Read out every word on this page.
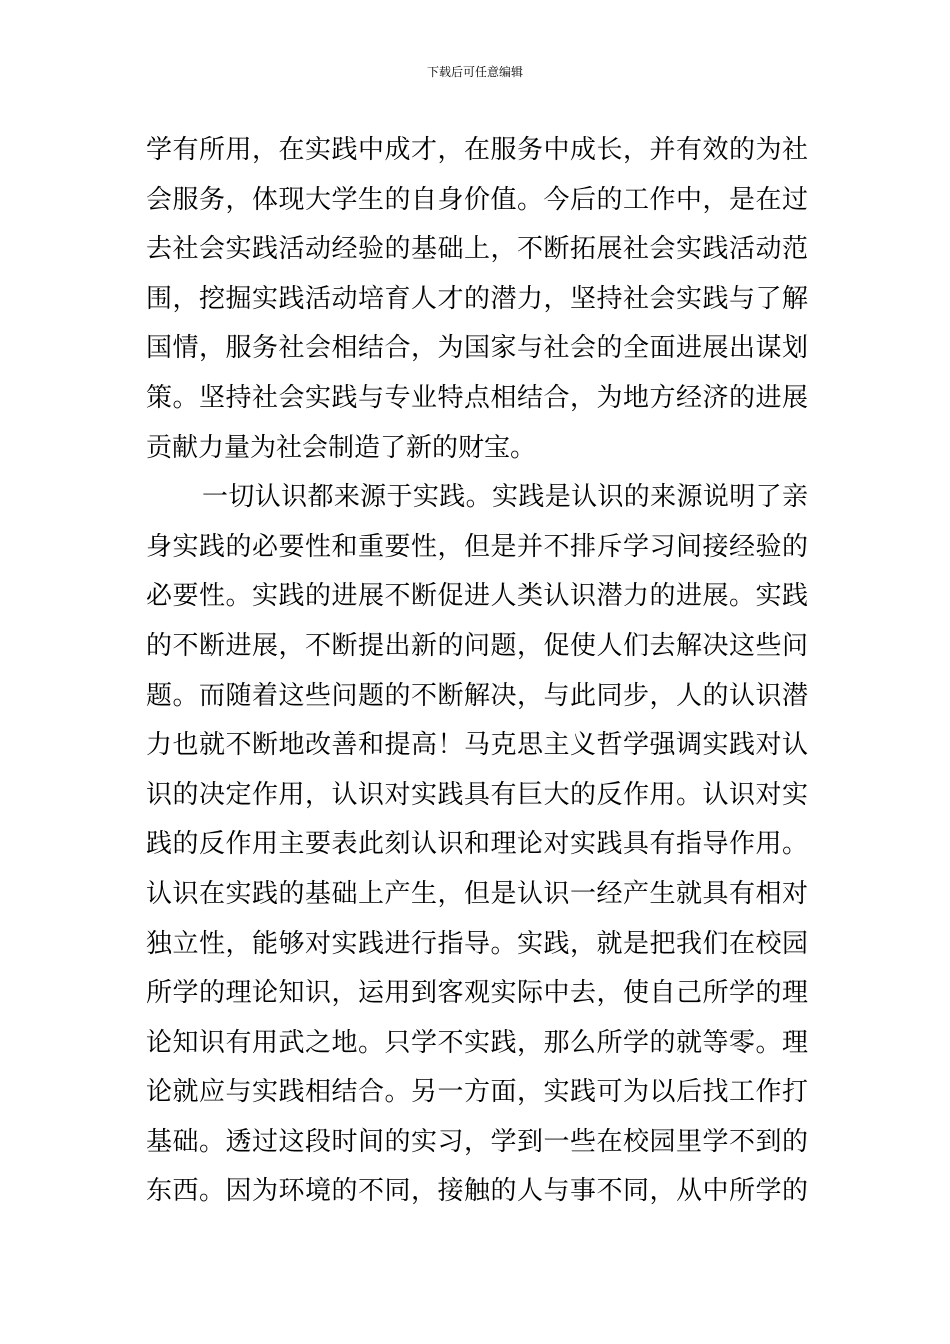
下载后可任意编辑
学有所用，在实践中成才，在服务中成长，并有效的为社
会服务，体现大学生的自身价值。今后的工作中，是在过
去社会实践活动经验的基础上，不断拓展社会实践活动范
围，挖掘实践活动培育人才的潜力，坚持社会实践与了解
国情，服务社会相结合，为国家与社会的全面进展出谋划
策。坚持社会实践与专业特点相结合，为地方经济的进展
贡献力量为社会制造了新的财宝。
一切认识都来源于实践。实践是认识的来源说明了亲
身实践的必要性和重要性，但是并不排斥学习间接经验的
必要性。实践的进展不断促进人类认识潜力的进展。实践
的不断进展，不断提出新的问题，促使人们去解决这些问
题。而随着这些问题的不断解决，与此同步，人的认识潜
力也就不断地改善和提高！马克思主义哲学强调实践对认
识的决定作用，认识对实践具有巨大的反作用。认识对实
践的反作用主要表此刻认识和理论对实践具有指导作用。
认识在实践的基础上产生，但是认识一经产生就具有相对
独立性，能够对实践进行指导。实践，就是把我们在校园
所学的理论知识，运用到客观实际中去，使自己所学的理
论知识有用武之地。只学不实践，那么所学的就等零。理
论就应与实践相结合。另一方面，实践可为以后找工作打
基础。透过这段时间的实习，学到一些在校园里学不到的
东西。因为环境的不同，接触的人与事不同，从中所学的
